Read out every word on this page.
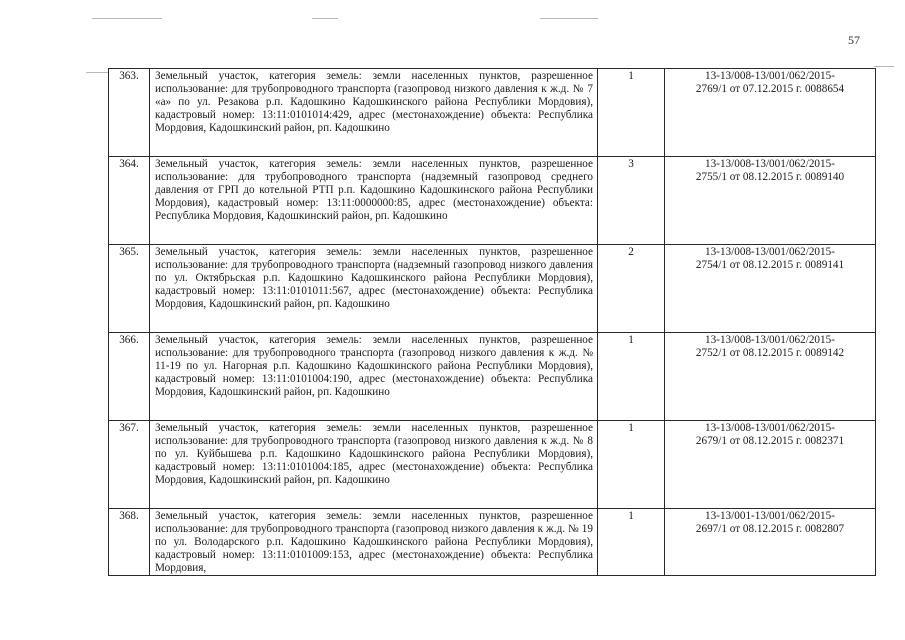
57
363.	Земельный участок, категория земель: земли населенных пунктов, разрешенное использование: для трубопроводного транспорта (газопровод низкого давления к ж.д. № 7 «а» по ул. Резакова р.п. Кадошкино Кадошкинского района Республики Мордовия), кадастровый номер: 13:11:0101014:429, адрес (местонахождение) объекта: Республика Мордовия, Кадошкинский район, рп. Кадошкино	1	13-13/008-13/001/062/2015-
2769/1 от 07.12.2015 г. 0088654

364.	Земельный участок, категория земель: земли населенных пунктов, разрешенное использование: для трубопроводного транспорта (надземный газопровод среднего давления от ГРП до котельной РТП р.п. Кадошкино Кадошкинского района Республики Мордовия), кадастровый номер: 13:11:0000000:85, адрес (местонахождение) объекта: Республика Мордовия, Кадошкинский район, рп. Кадошкино	3	13-13/008-13/001/062/2015-
2755/1 от 08.12.2015 г. 0089140

365.	Земельный участок, категория земель: земли населенных пунктов, разрешенное использование: для трубопроводного транспорта (надземный газопровод низкого давления по ул. Октябрьская р.п. Кадошкино Кадошкинского района Республики Мордовия), кадастровый номер: 13:11:0101011:567, адрес (местонахождение) объекта: Республика Мордовия, Кадошкинский район, рп. Кадошкино	2	13-13/008-13/001/062/2015-
2754/1 от 08.12.2015 г. 0089141

366.	Земельный участок, категория земель: земли населенных пунктов, разрешенное использование: для трубопроводного транспорта (газопровод низкого давления к ж.д. № 11-19 по ул. Нагорная р.п. Кадошкино Кадошкинского района Республики Мордовия), кадастровый номер: 13:11:0101004:190, адрес (местонахождение) объекта: Республика Мордовия, Кадошкинский район, рп. Кадошкино	1	13-13/008-13/001/062/2015-
2752/1 от 08.12.2015 г. 0089142

367.	Земельный участок, категория земель: земли населенных пунктов, разрешенное использование: для трубопроводного транспорта (газопровод низкого давления к ж.д. № 8 по ул. Куйбышева р.п. Кадошкино Кадошкинского района Республики Мордовия), кадастровый номер: 13:11:0101004:185, адрес (местонахождение) объекта: Республика Мордовия, Кадошкинский район, рп. Кадошкино	1	13-13/008-13/001/062/2015-
2679/1 от 08.12.2015 г. 0082371

368.	Земельный участок, категория земель: земли населенных пунктов, разрешенное использование: для трубопроводного транспорта (газопровод низкого давления к ж.д. № 19 по ул. Володарского р.п. Кадошкино Кадошкинского района Республики Мордовия), кадастровый номер: 13:11:0101009:153, адрес (местонахождение) объекта: Республика Мордовия,	1	13-13/001-13/001/062/2015-
2697/1 от 08.12.2015 г. 0082807
